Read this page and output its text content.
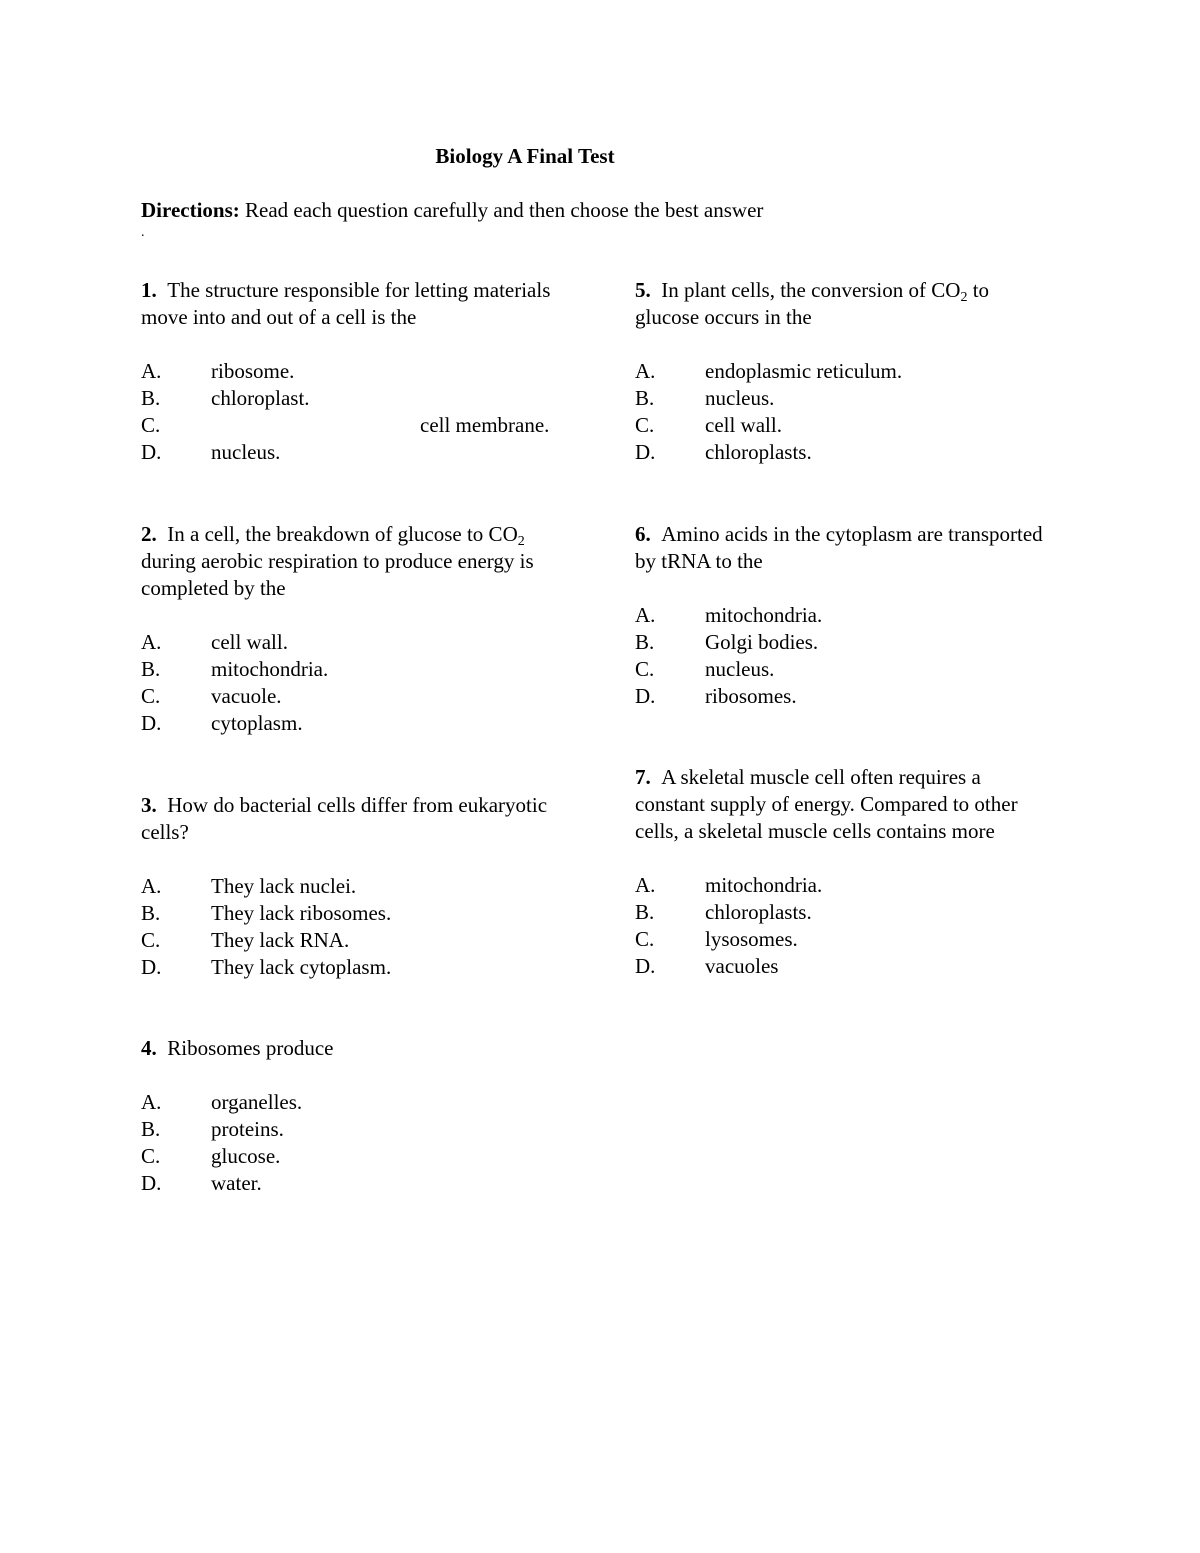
Biology A Final Test
Directions: Read each question carefully and then choose the best answer
.

1. The structure responsible for letting materials move into and out of a cell is the

A. ribosome.
B. chloroplast.
C.	cell membrane.
D. nucleus.

2. In a cell, the breakdown of glucose to $CO_2$ during aerobic respiration to produce energy is completed by the

A. cell wall.
B. mitochondria.
C. vacuole.
D. cytoplasm.

3. How do bacterial cells differ from eukaryotic cells?

A. They lack nuclei.
B. They lack ribosomes.
C. They lack RNA.
D. They lack cytoplasm.

4. Ribosomes produce

A. organelles.
B. proteins.
C. glucose.
D. water.

5. In plant cells, the conversion of $CO_2$ to glucose occurs in the

A. endoplasmic reticulum.
B. nucleus.
C. cell wall.
D. chloroplasts.

6. Amino acids in the cytoplasm are transported by tRNA to the

A. mitochondria.
B. Golgi bodies.
C. nucleus.
D. ribosomes.

7. A skeletal muscle cell often requires a constant supply of energy. Compared to other cells, a skeletal muscle cells contains more

A. mitochondria.
B. chloroplasts.
C. lysosomes.
D. vacuoles
